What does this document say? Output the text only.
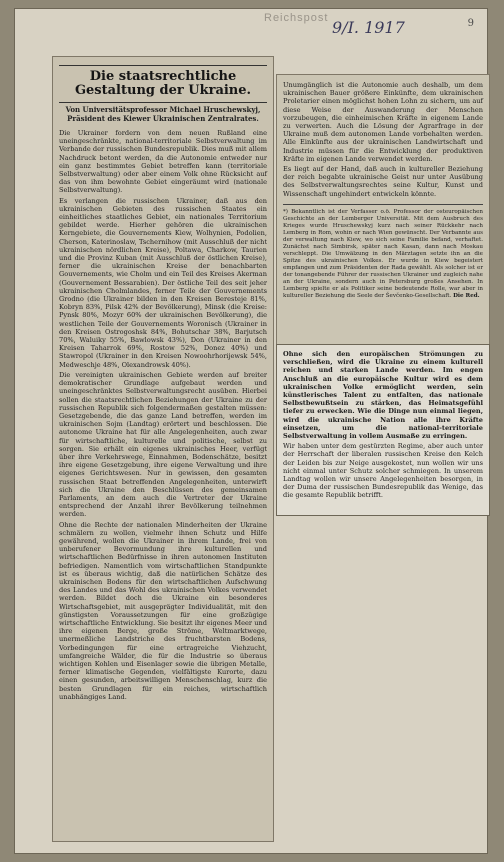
Reichspost 9/I. 1917	9
Die staatsrechtliche Gestaltung der Ukraine.
Von Universitätsprofessor Michael Hruschewskyj, Präsident des Kiewer Ukrainischen Zentralrates.

Die Ukrainer fordern von dem neuen Rußland eine uneingeschränkte, national-territoriale Selbstverwaltung im Verbande der russischen Bundesrepublik. Dies muß mit allem Nachdruck betont werden, da die Autonomie entweder nur ein ganz bestimmtes Gebiet betreffen kann (territoriale Selbstverwaltung) oder aber einem Volk ohne Rücksicht auf das von ihm bewohnte Gebiet eingeräumt wird (nationale Selbstverwaltung).

Es verlangen die russischen Ukrainer, daß aus den ukrainischen Gebieten des russischen Staates ein einheitliches staatliches Gebiet, ein nationales Territorium gebildet werde. Hierher gehören die ukrainischen Kerngebiete, die Gouvernements Kiew, Wolhynien, Podolien, Cherson, Katerinoslaw, Tschernihow (mit Ausschluß der nicht ukrainischen nördlichen Kreise), Poltawa, Charkow, Taurien und die Provinz Kuban (mit Ausschluß der östlichen Kreise), ferner die ukrainischen Kreise der benachbarten Gouvernements, wie Cholm und ein Teil des Kreises Akerman (Gouvernement Bessarabien). Der östliche Teil des seit jeher ukrainischen Cholmlandes, ferner Teile der Gouvernements Grodno (die Ukrainer bilden in den Kreisen Beresteje 81%, Kobryn 83%, Pilsk 42% der Bevölkerung), Minsk (die Kreise: Pynsk 80%, Mozyr 60% der ukrainischen Bevölkerung), die westlichen Teile der Gouvernements Woronisch (Ukrainer in den Kreisen Ostrogoshsk 84%, Bohutschar 38%, Barjutsch 70%, Waluiky 55%, Bawlowsk 43%), Don (Ukrainer in den Kreisen Taharrok 69%, Rostow 52%, Donez 40%) und Stawropol (Ukrainer in den Kreisen Nowoohrhorijewsk 54%, Medweschje 48%, Olexandrowsk 40%).

Die vereinigten ukrainischen Gebiete werden auf breiter demokratischer Grundlage aufgebaut werden und uneingeschränktes Selbstverwaltungsrecht ausüben. Hierbei sollen die staatsrechtlichen Beziehungen der Ukraine zu der russischen Republik sich folgendermaßen gestalten müssen: Gesetzgebende, die das ganze Land betreffen, werden im ukrainischen Sojm (Landtag) erörtert und beschlossen. Die autonome Ukraine hat für alle Angelegenheiten, auch zwar für wirtschaftliche, kulturelle und politische, selbst zu sorgen. Sie erhält ein eigenes ukrainisches Heer, verfügt über ihre Verkehrswege, Einnahmen, Bodenschätze, besitzt ihre eigene Gesetzgebung, ihre eigene Verwaltung und ihre eigenes Gerichtswesen. Nur in gewissen, den gesamten russischen Staat betreffenden Angelegenheiten, unterwirft sich die Ukraine den Beschlüssen des gemeinsamen Parlaments, an dem auch die Vertreter der Ukraine entsprechend der Anzahl ihrer Bevölkerung teilnehmen werden.

Ohne die Rechte der nationalen Minderheiten der Ukraine schmälern zu wollen, vielmehr ihnen Schutz und Hilfe gewährend, wollen die Ukrainer in ihrem Lande, frei von unberufener Bevormundung ihre kulturellen und wirtschaftlichen Bedürfnisse in ihren autonomen Instituten befriedigen. Namentlich vom wirtschaftlichen Standpunkte ist es überaus wichtig, daß die natürlichen Schätze des ukrainischen Bodens für den wirtschaftlichen Aufschwung des Landes und das Wohl des ukrainischen Volkes verwendet werden. Bildet doch die Ukraine ein besonderes Wirtschaftsgebiet, mit ausgeprägter Individualität, mit den günstigsten Voraussetzungen für eine großzügige wirtschaftliche Entwicklung. Sie besitzt ihr eigenes Meer und ihre eigenen Berge, große Ströme, Weltmarktwege, unermeßliche Landstriche des fruchtbarsten Bodens, Vorbedingungen für eine ertragreiche Viehzucht, umfangreiche Wälder, die für die Industrie so überaus wichtigen Kohlen und Eisenlager sowie die übrigen Metalle, ferner klimatische Gegenden, vielfältigste Kurorte, dazu einen gesunden, arbeitswilligen Menschenschlag, kurz die besten Grundlagen für ein reiches, wirtschaftlich unabhängiges Land.

Unumgänglich ist die Autonomie auch deshalb, um dem ukrainischen Bauer größere Einkünfte, dem ukrainischen Proletarier einen möglichst hohen Lohn zu sichern, um auf diese Weise der Auswanderung der Menschen vorzubeugen, die einheimischen Kräfte in eigenem Lande zu verwerten. Auch die Lösung der Agrarfrage in der Ukraine muß dem autonomen Lande vorbehalten werden. Alle Einkünfte aus der ukrainischen Landwirtschaft und Industrie müssen für die Entwicklung der produktiven Kräfte im eigenen Lande verwendet werden.

Es liegt auf der Hand, daß auch in kultureller Beziehung der reich begabte ukrainische Geist nur unter Ausübung des Selbstverwaltungsrechtes seine Kultur, Kunst und Wissenschaft ungehindert entwickeln könnte.

*) Bekanntlich ist der Verfasser o.ö. Professor der osteuropäischen Geschichte an der Lemberger Universität. Mit dem Ausbruch des Krieges wurde Hruschewskyj kurz nach seiner Rückkehr nach Lemberg in Rom, wohin er nach Wien gewünscht. Der Verbannte aus der verwaltung nach Kiew, wo sich seine Familie befand, verhaftet. Zunächst nach Simbirsk, später nach Kasan, dann nach Moskau verschleppt. Die Umwälzung in den Märztagen setzte ihn an die Spitze des ukrainischen Volkes. Er wurde in Kiew begeistert empfangen und zum Präsidenten der Rada gewählt. Als solcher ist er der tonangebende Führer der russischen Ukrainer und zugleich nahe an der Ukraine, sondern auch in Petersburg großes Ansehen. In Lemberg spielte er als Politiker seine bedeutende Rolle, war aber in kultureller Beziehung die Seele der Ševčenko-Gesellschaft. Die Red.

Ohne sich den europäischen Strömungen zu verschließen, wird die Ukraine zu einem kulturell reichen und starken Lande werden. Im engen Anschluß an die europäische Kultur wird es dem ukrainischen Volke ermöglicht werden, sein künstlerisches Talent zu entfalten, das nationale Selbstbewußtsein zu stärken, das Heimatsgefühl tiefer zu erwecken. Wie die Dinge nun einmal liegen, wird die ukrainische Nation alle ihre Kräfte einsetzen, um die national-territoriale Selbstverwaltung in vollem Ausmaße zu erringen.

Wir haben unter dem gestürzten Regime, aber auch unter der Herrschaft der liberalen russischen Kreise den Kelch der Leiden bis zur Neige ausgekostet, nun wollen wir uns nicht einmal unter Schutz solcher schmiegen. In unserem Landtag wollen wir unsere Angelegenheiten besorgen, in der Duma der russischen Bundesrepublik das Wenige, das die gesamte Republik betrifft.
